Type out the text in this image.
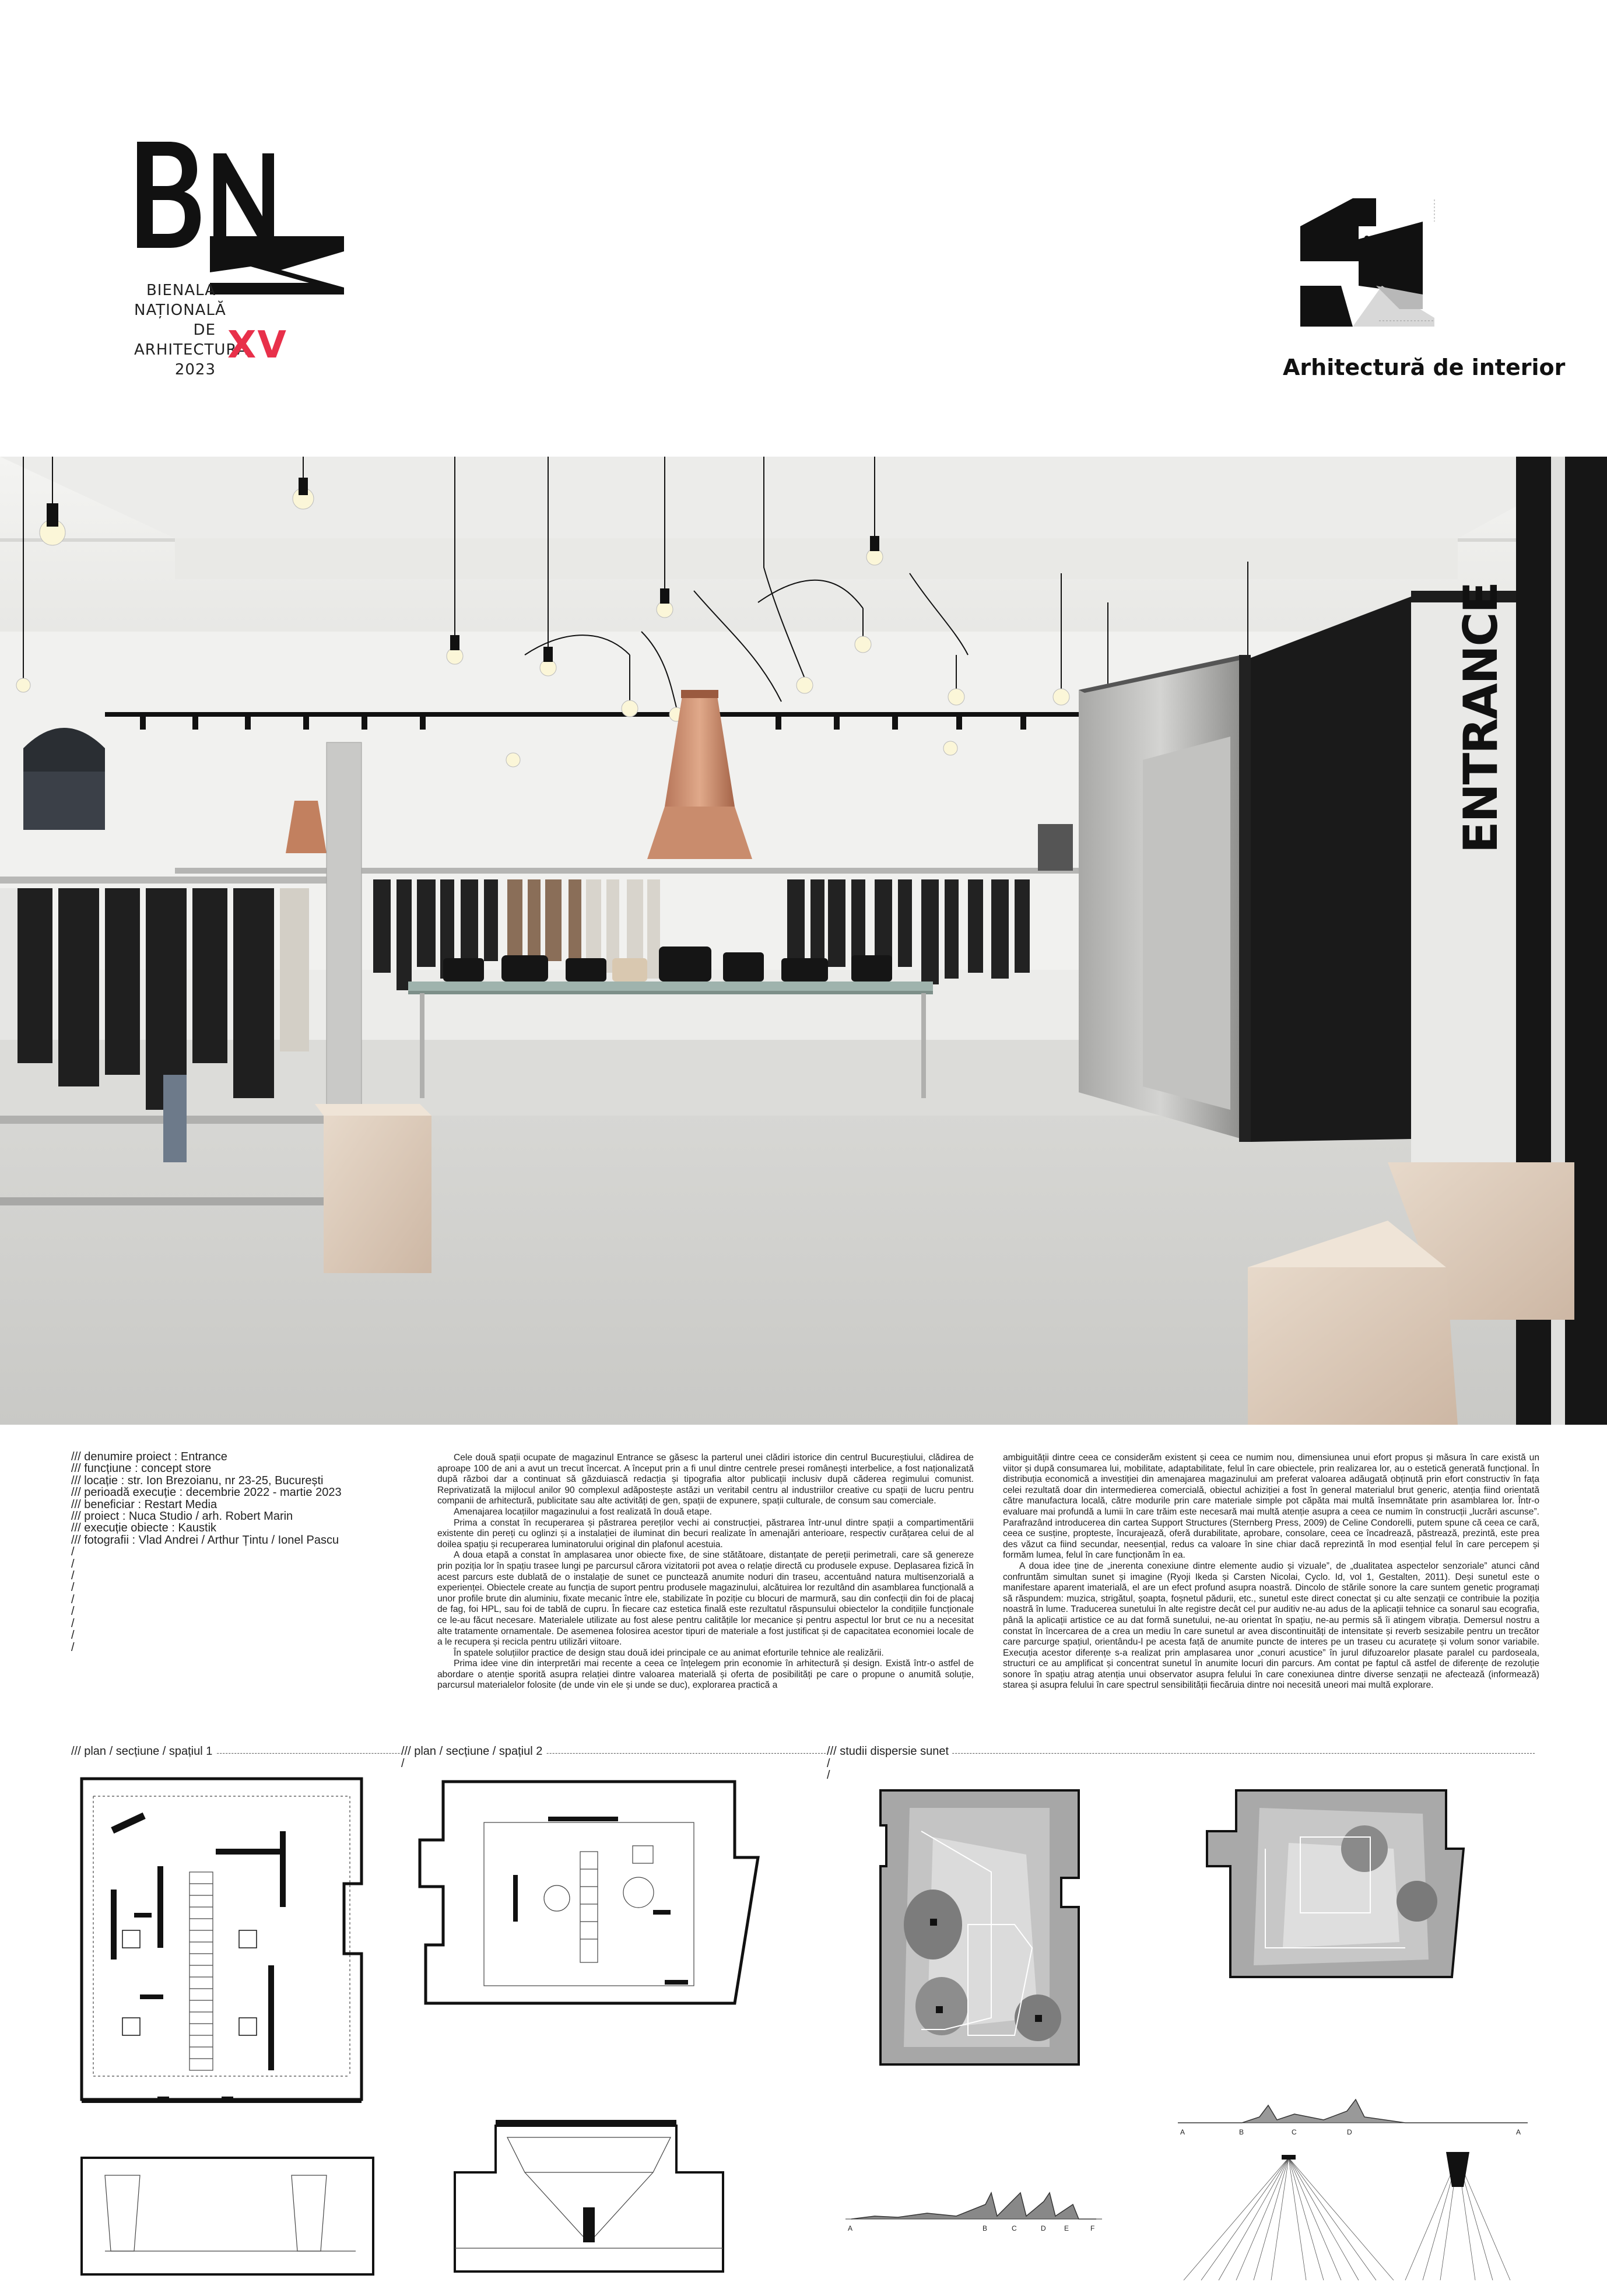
BIENALA
NAȚIONALĂ
DE
ARHITECTURĂ
2023
XV
Arhitectură de interior
ENTRANCE
/// denumire proiect : Entrance
/// funcțiune : concept store
/// locație : str. Ion Brezoianu, nr 23-25, București
/// perioadă execuție : decembrie 2022 - martie 2023
/// beneficiar : Restart Media
/// proiect : Nuca Studio / arh. Robert Marin
/// execuție obiecte : Kaustik
/// fotografii : Vlad Andrei / Arthur Țintu / Ionel Pascu
/
/
/
/
/
/
/
/
/

Cele două spații ocupate de magazinul Entrance se găsesc la parterul unei clădiri istorice din centrul Bucureștiului, clădirea de aproape 100 de ani a avut un trecut încercat. A început prin a fi unul dintre centrele presei românești interbelice, a fost naționalizată după război dar a continuat să găzduiască redacția și tipografia altor publicații inclusiv după căderea regimului comunist. Reprivatizată la mijlocul anilor 90 complexul adăpostește astăzi un veritabil centru al industriilor creative cu spații de lucru pentru companii de arhitectură, publicitate sau alte activități de gen, spații de expunere, spații culturale, de consum sau comerciale.

Amenajarea locațiilor magazinului a fost realizată în două etape.

Prima a constat în recuperarea și păstrarea pereților vechi ai construcției, păstrarea într-unul dintre spații a compartimentării existente din pereți cu oglinzi și a instalației de iluminat din becuri realizate în amenajări anterioare, respectiv curățarea celui de al doilea spațiu și recuperarea luminatorului original din plafonul acestuia.

A doua etapă a constat în amplasarea unor obiecte fixe, de sine stătătoare, distanțate de pereții perimetrali, care să genereze prin poziția lor în spațiu trasee lungi pe parcursul cărora vizitatorii pot avea o relație directă cu produsele expuse. Deplasarea fizică în acest parcurs este dublată de o instalație de sunet ce punctează anumite noduri din traseu, accentuând natura multisenzorială a experienței. Obiectele create au funcția de suport pentru produsele magazinului, alcătuirea lor rezultând din asamblarea funcțională a unor profile brute din aluminiu, fixate mecanic între ele, stabilizate în poziție cu blocuri de marmură, sau din confecții din foi de placaj de fag, foi HPL, sau foi de tablă de cupru. În fiecare caz estetica finală este rezultatul răspunsului obiectelor la condițiile funcționale ce le-au făcut necesare. Materialele utilizate au fost alese pentru calitățile lor mecanice și pentru aspectul lor brut ce nu a necesitat alte tratamente ornamentale. De asemenea folosirea acestor tipuri de materiale a fost justificat și de capacitatea economiei locale de a le recupera și recicla pentru utilizări viitoare.

În spatele soluțiilor practice de design stau două idei principale ce au animat eforturile tehnice ale realizării.

Prima idee vine din interpretări mai recente a ceea ce înțelegem prin economie în arhitectură și design. Există într-o astfel de abordare o atenție sporită asupra relației dintre valoarea materială și oferta de posibilități pe care o propune o anumită soluție, parcursul materialelor folosite (de unde vin ele și unde se duc), explorarea practică a

ambiguității dintre ceea ce considerăm existent și ceea ce numim nou, dimensiunea unui efort propus și măsura în care există un viitor și după consumarea lui, mobilitate, adaptabilitate, felul în care obiectele, prin realizarea lor, au o estetică generată funcțional. În distribuția economică a investiției din amenajarea magazinului am preferat valoarea adăugată obținută prin efort constructiv în fața celei rezultată doar din intermedierea comercială, obiectul achiziției a fost în general materialul brut generic, atenția fiind orientată către manufactura locală, către modurile prin care materiale simple pot căpăta mai multă însemnătate prin asamblarea lor. Într-o evaluare mai profundă a lumii în care trăim este necesară mai multă atenție asupra a ceea ce numim în construcții „lucrări ascunse”. Parafrazând introducerea din cartea Support Structures (Sternberg Press, 2009) de Celine Condorelli, putem spune că ceea ce cară, ceea ce susține, propteste, încurajează, oferă durabilitate, aprobare, consolare, ceea ce încadrează, păstrează, prezintă, este prea des văzut ca fiind secundar, neesențial, redus ca valoare în sine chiar dacă reprezintă în mod esențial felul în care percepem și formăm lumea, felul în care funcționăm în ea.

A doua idee ține de „inerenta conexiune dintre elemente audio și vizuale”, de „dualitatea aspectelor senzoriale” atunci când confruntăm simultan sunet și imagine (Ryoji Ikeda și Carsten Nicolai, Cyclo. Id, vol 1, Gestalten, 2011). Deși sunetul este o manifestare aparent imaterială, el are un efect profund asupra noastră. Dincolo de stările sonore la care suntem genetic programați să răspundem: muzica, strigătul, șoapta, foșnetul pădurii, etc., sunetul este direct conectat și cu alte senzații ce contribuie la poziția noastră în lume. Traducerea sunetului în alte registre decât cel pur auditiv ne-au adus de la aplicații tehnice ca sonarul sau ecografia, până la aplicații artistice ce au dat formă sunetului, ne-au orientat în spațiu, ne-au permis să îi atingem vibrația. Demersul nostru a constat în încercarea de a crea un mediu în care sunetul ar avea discontinuități de intensitate și reverb sesizabile pentru un trecător care parcurge spațiul, orientându-l pe acesta față de anumite puncte de interes pe un traseu cu acuratețe și volum sonor variabile. Execuția acestor diferențe s-a realizat prin amplasarea unor „conuri acustice” în jurul difuzoarelor plasate paralel cu pardoseala, structuri ce au amplificat și concentrat sunetul în anumite locuri din parcurs. Am contat pe faptul că astfel de diferențe de rezoluție sonore în spațiu atrag atenția unui observator asupra felului în care conexiunea dintre diverse senzații ne afectează (informează) starea și asupra felului în care spectrul sensibilității fiecăruia dintre noi necesită uneori mai multă explorare.

/// plan / secțiune / spațiul 1	/// plan / secțiune / spațiul 2	/// studii dispersie sunet
/	/
/
A	B	C	D	E	F
A	B	C	D	A
